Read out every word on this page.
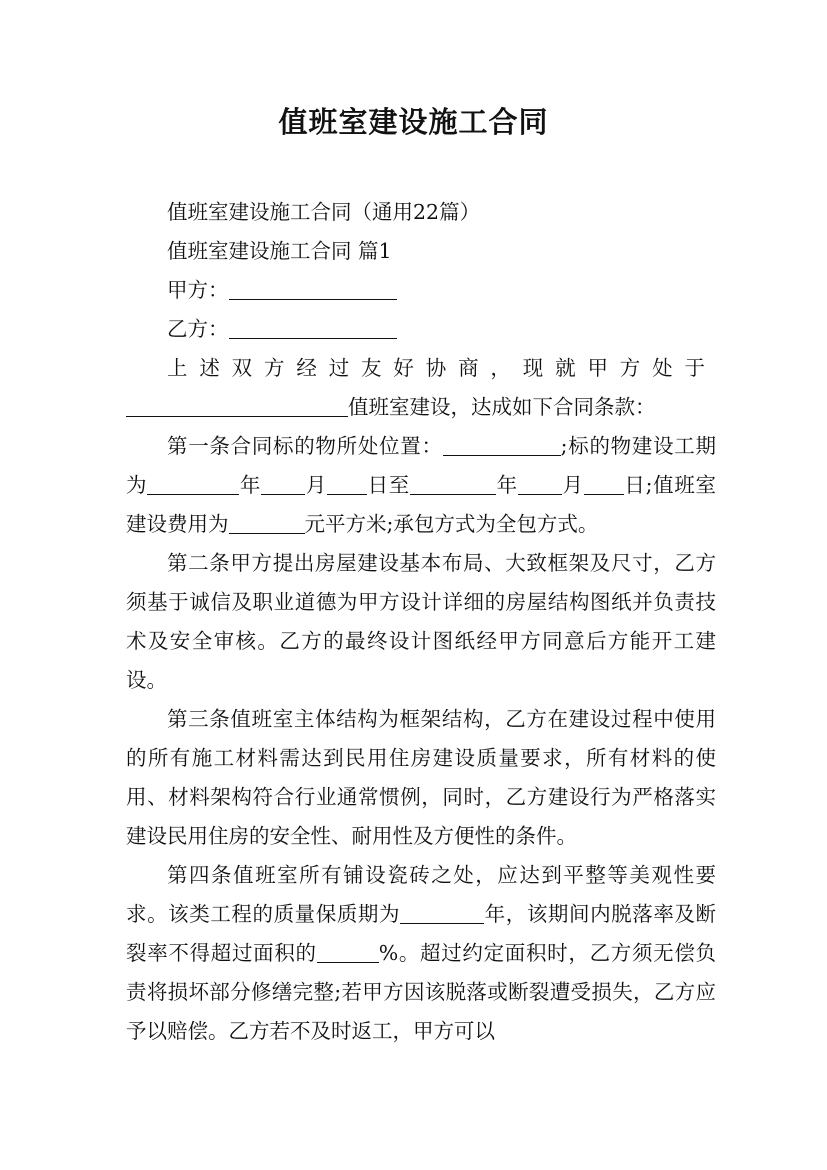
值班室建设施工合同

值班室建设施工合同（通用22篇）

值班室建设施工合同 篇1

甲方：

乙方：

上述双方经过友好协商，现就甲方处于

值班室建设，达成如下合同条款：

第一条合同标的物所处位置：	;标的物建设工期为	年 月 日至	年 月 日;值班室建设费用为	元平方米;承包方式为全包方式。

第二条甲方提出房屋建设基本布局、大致框架及尺寸，乙方须基于诚信及职业道德为甲方设计详细的房屋结构图纸并负责技术及安全审核。乙方的最终设计图纸经甲方同意后方能开工建设。

第三条值班室主体结构为框架结构，乙方在建设过程中使用的所有施工材料需达到民用住房建设质量要求，所有材料的使用、材料架构符合行业通常惯例，同时，乙方建设行为严格落实建设民用住房的安全性、耐用性及方便性的条件。

第四条值班室所有铺设瓷砖之处，应达到平整等美观性要求。该类工程的质量保质期为	年，该期间内脱落率及断裂率不得超过面积的	%。超过约定面积时，乙方须无偿负责将损坏部分修缮完整;若甲方因该脱落或断裂遭受损失，乙方应予以赔偿。乙方若不及时返工，甲方可以
